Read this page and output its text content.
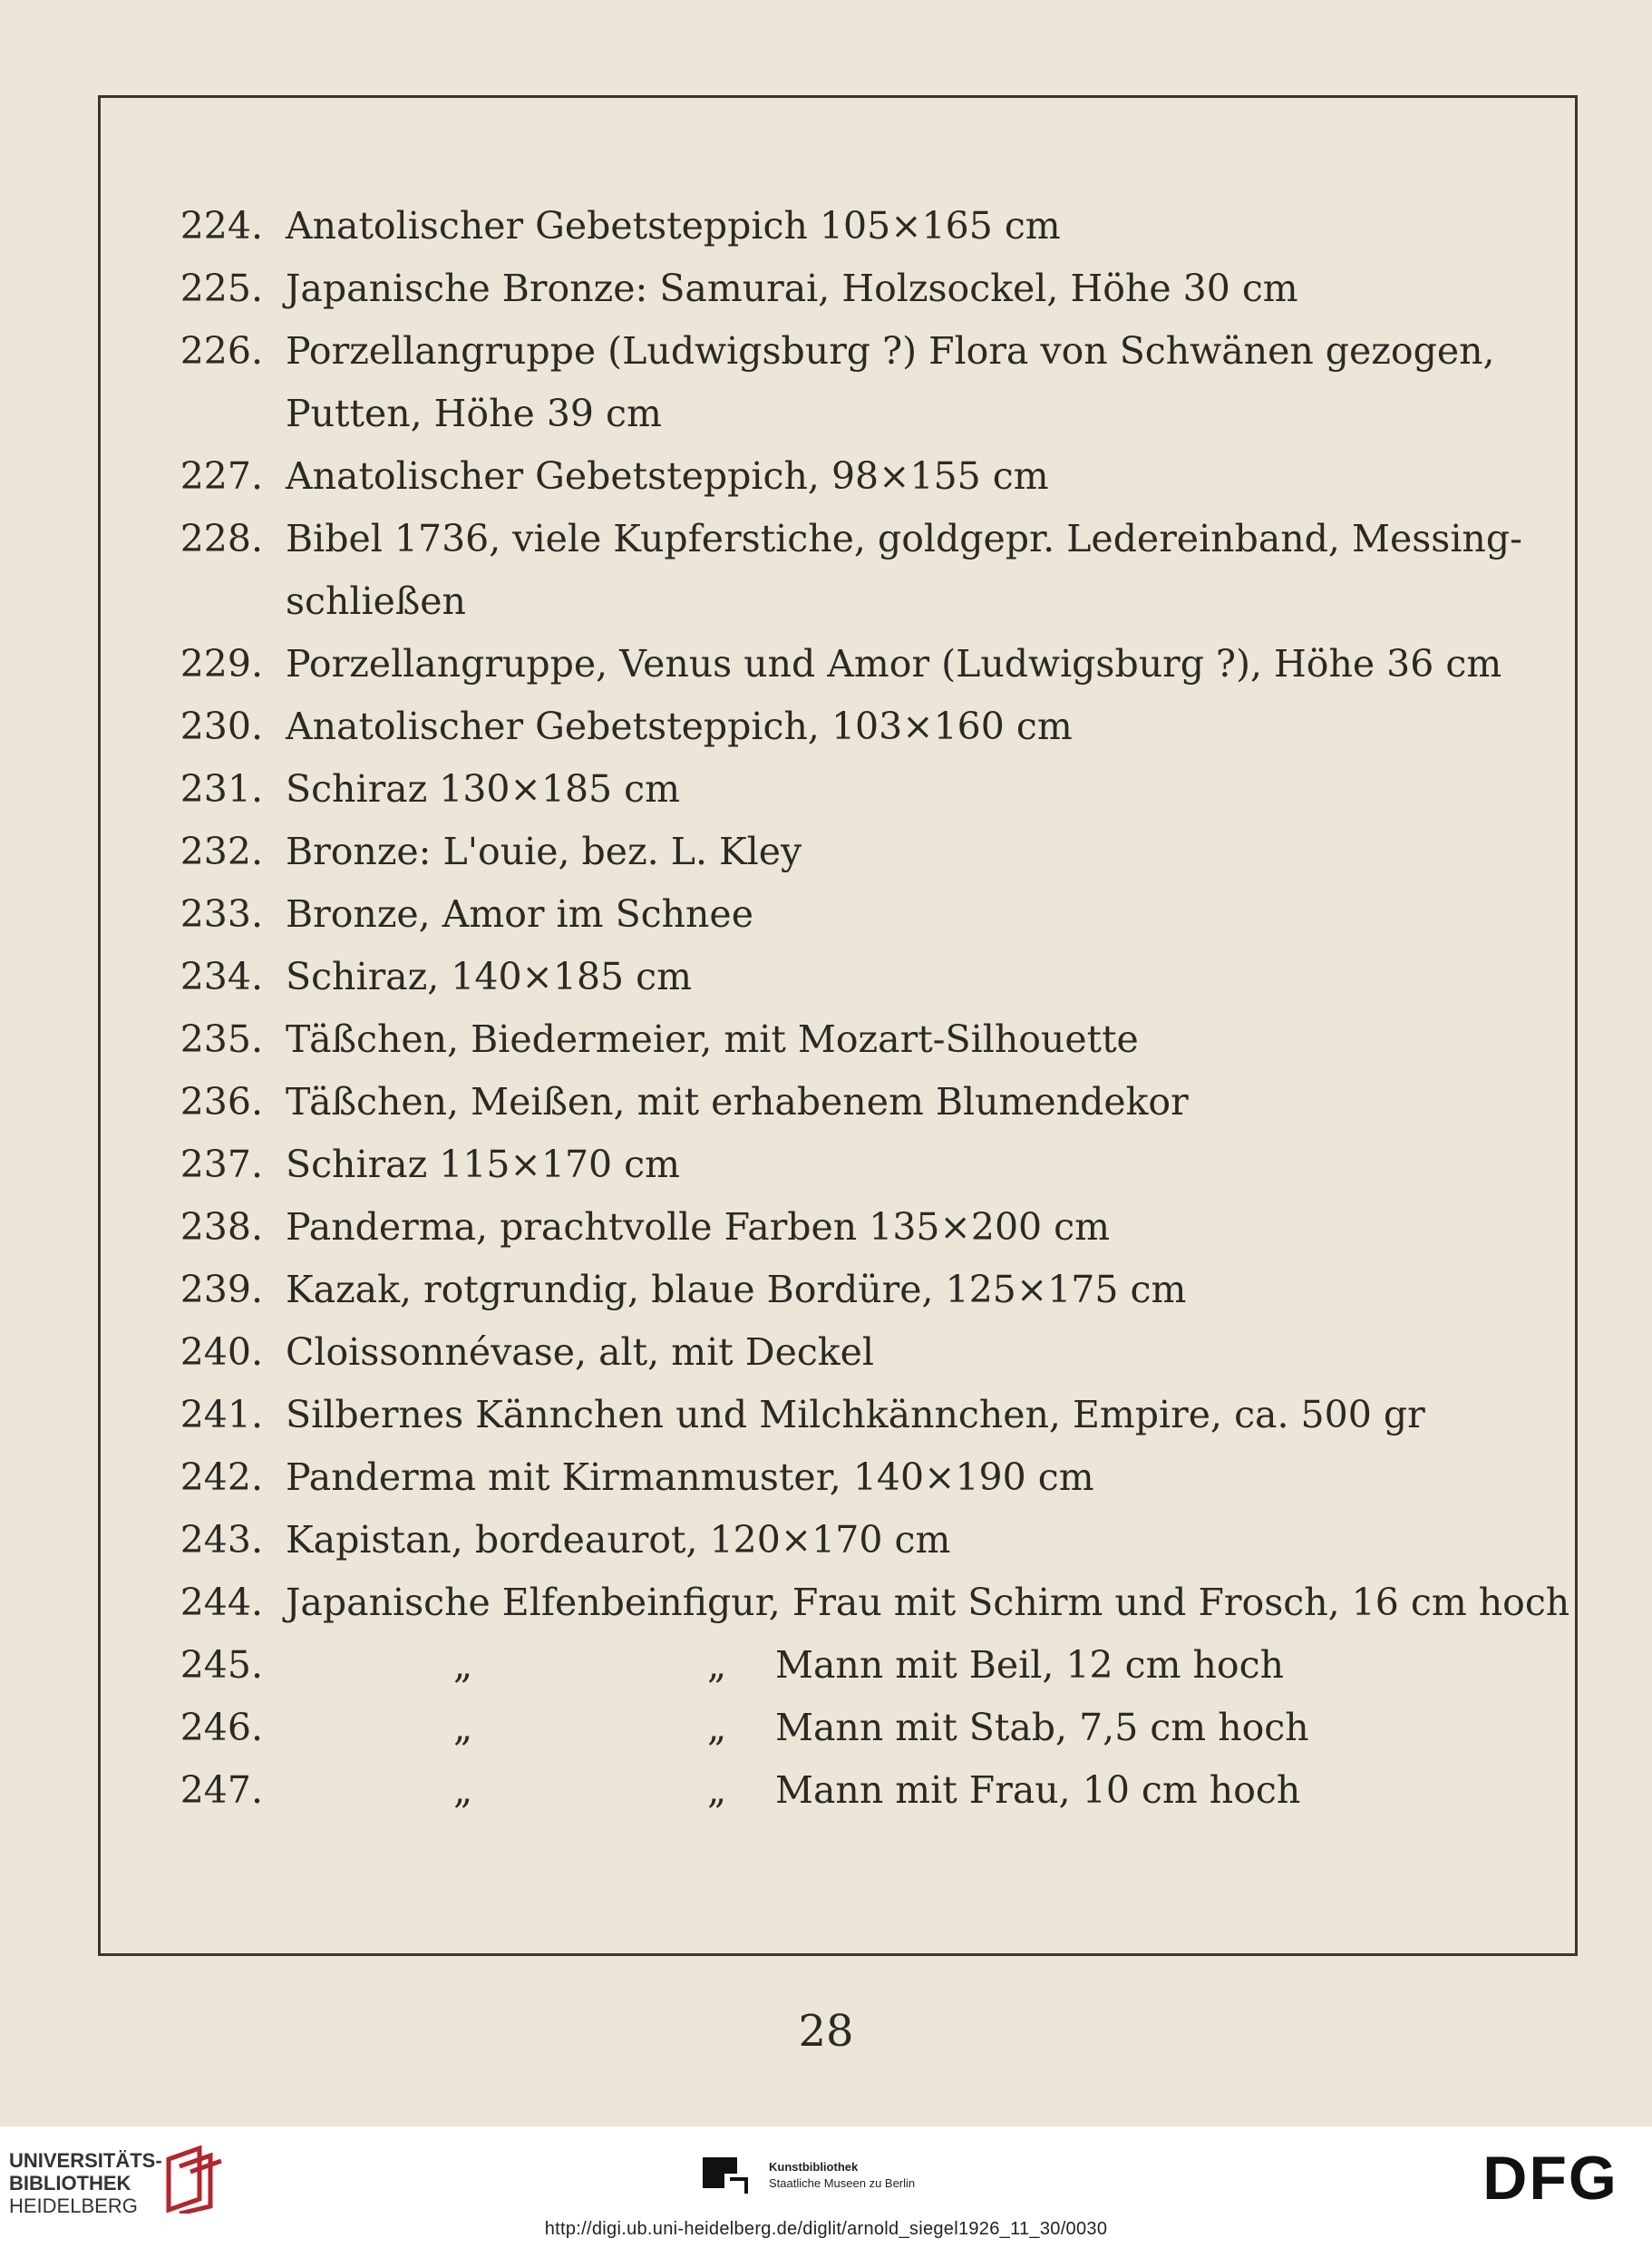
224. Anatolischer Gebetsteppich 105×165 cm
225. Japanische Bronze: Samurai, Holzsockel, Höhe 30 cm
226. Porzellangruppe (Ludwigsburg ?) Flora von Schwänen gezogen,
Putten, Höhe 39 cm
227. Anatolischer Gebetsteppich, 98×155 cm
228. Bibel 1736, viele Kupferstiche, goldgepr. Ledereinband, Messing-
schließen
229. Porzellangruppe, Venus und Amor (Ludwigsburg ?), Höhe 36 cm
230. Anatolischer Gebetsteppich, 103×160 cm
231. Schiraz 130×185 cm
232. Bronze: L'ouie, bez. L. Kley
233. Bronze, Amor im Schnee
234. Schiraz, 140×185 cm
235. Täßchen, Biedermeier, mit Mozart-Silhouette
236. Täßchen, Meißen, mit erhabenem Blumendekor
237. Schiraz 115×170 cm
238. Panderma, prachtvolle Farben 135×200 cm
239. Kazak, rotgrundig, blaue Bordüre, 125×175 cm
240. Cloissonnévase, alt, mit Deckel
241. Silbernes Kännchen und Milchkännchen, Empire, ca. 500 gr
242. Panderma mit Kirmanmuster, 140×190 cm
243. Kapistan, bordeaurot, 120×170 cm
244. Japanische Elfenbeinfigur, Frau mit Schirm und Frosch, 16 cm hoch
245.	„	„ Mann mit Beil, 12 cm hoch
246.	„	„ Mann mit Stab, 7,5 cm hoch
247.	„	„ Mann mit Frau, 10 cm hoch
28
UNIVERSITÄTS-
BIBLIOTHEK
HEIDELBERG
Kunstbibliothek
Staatliche Museen zu Berlin	DFG
http://digi.ub.uni-heidelberg.de/diglit/arnold_siegel1926_11_30/0030
